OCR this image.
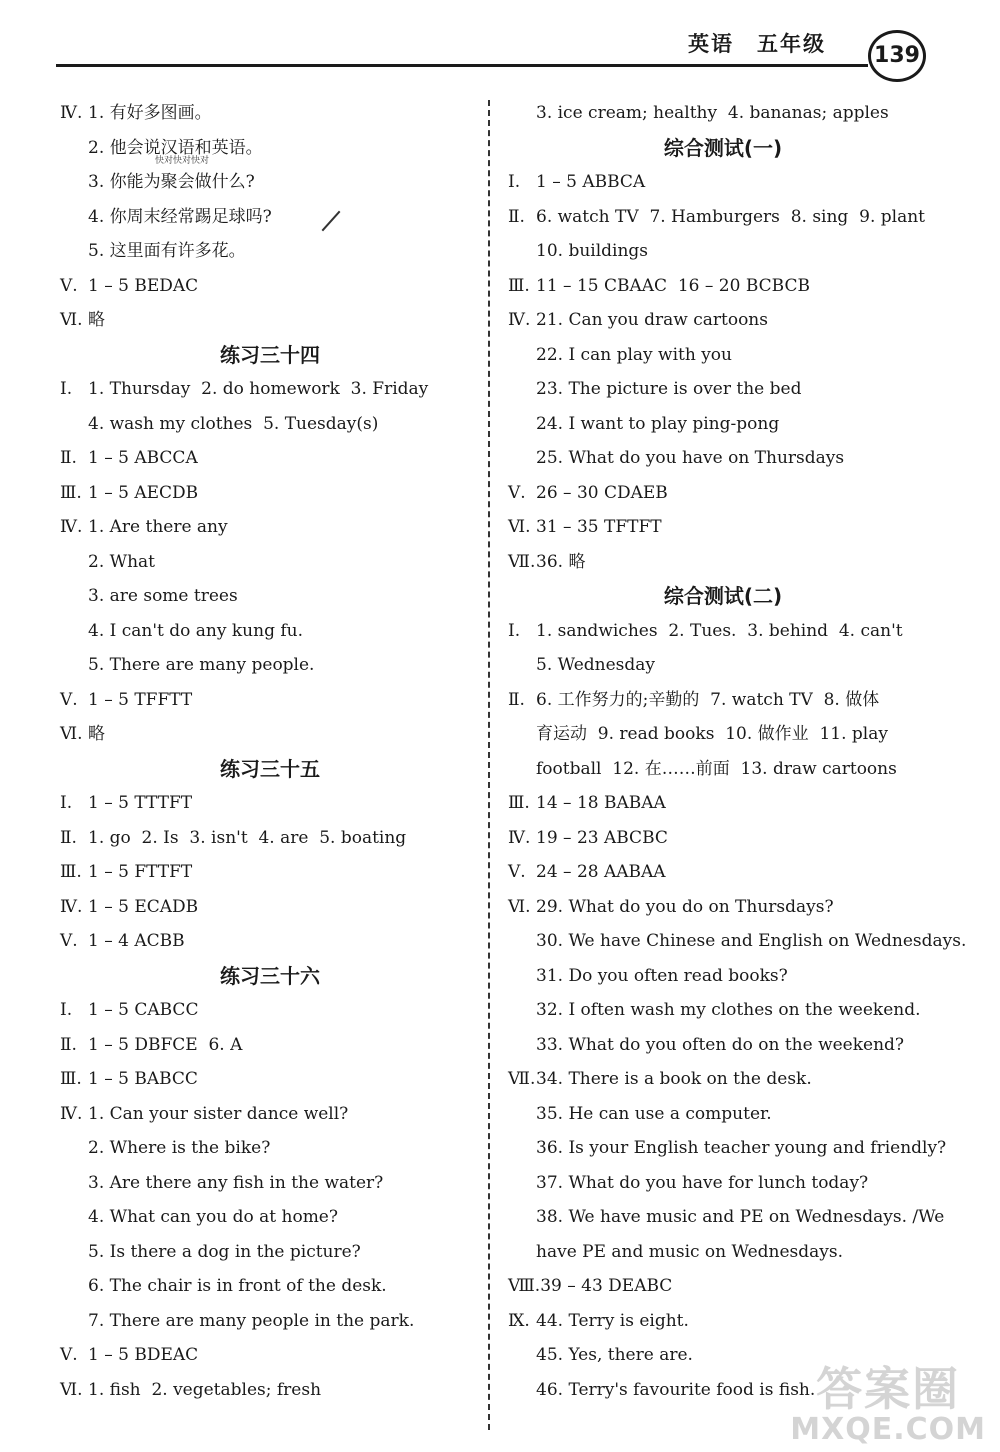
英语　五年级 139
Ⅳ. 1. 有好多图画。
2. 他会说汉语和英语。
3. 你能为聚会做什么?
4. 你周末经常踢足球吗?
5. 这里面有许多花。
Ⅴ. 1 – 5 BEDAC
Ⅵ. 略
练习三十四
Ⅰ. 1. Thursday  2. do homework  3. Friday
4. wash my clothes  5. Tuesday(s)
Ⅱ. 1 – 5 ABCCA
Ⅲ. 1 – 5 AECDB
Ⅳ. 1. Are there any
2. What
3. are some trees
4. I can't do any kung fu.
5. There are many people.
Ⅴ. 1 – 5 TFFTT
Ⅵ. 略
练习三十五
Ⅰ. 1 – 5 TTTFT
Ⅱ. 1. go  2. Is  3. isn't  4. are  5. boating
Ⅲ. 1 – 5 FTTFT
Ⅳ. 1 – 5 ECADB
Ⅴ. 1 – 4 ACBB
练习三十六
Ⅰ. 1 – 5 CABCC
Ⅱ. 1 – 5 DBFCE  6. A
Ⅲ. 1 – 5 BABCC
Ⅳ. 1. Can your sister dance well?
2. Where is the bike?
3. Are there any fish in the water?
4. What can you do at home?
5. Is there a dog in the picture?
6. The chair is in front of the desk.
7. There are many people in the park.
Ⅴ. 1 – 5 BDEAC
Ⅵ. 1. fish  2. vegetables; fresh
3. ice cream; healthy  4. bananas; apples
综合测试(一)
Ⅰ. 1 – 5 ABBCA
Ⅱ. 6. watch TV  7. Hamburgers  8. sing  9. plant
10. buildings
Ⅲ. 11 – 15 CBAAC  16 – 20 BCBCB
Ⅳ. 21. Can you draw cartoons
22. I can play with you
23. The picture is over the bed
24. I want to play ping-pong
25. What do you have on Thursdays
Ⅴ. 26 – 30 CDAEB
Ⅵ. 31 – 35 TFTFT
Ⅶ.36. 略
综合测试(二)
Ⅰ. 1. sandwiches  2. Tues.  3. behind  4. can't
5. Wednesday
Ⅱ. 6. 工作努力的;辛勤的  7. watch TV  8. 做体
育运动  9. read books  10. 做作业  11. play
football  12. 在……前面  13. draw cartoons
Ⅲ. 14 – 18 BABAA
Ⅳ. 19 – 23 ABCBC
Ⅴ. 24 – 28 AABAA
Ⅵ. 29. What do you do on Thursdays?
30. We have Chinese and English on Wednesdays.
31. Do you often read books?
32. I often wash my clothes on the weekend.
33. What do you often do on the weekend?
Ⅶ.34. There is a book on the desk.
35. He can use a computer.
36. Is your English teacher young and friendly?
37. What do you have for lunch today?
38. We have music and PE on Wednesdays. /We
have PE and music on Wednesdays.
Ⅷ.39 – 43 DEABC
Ⅸ. 44. Terry is eight.
45. Yes, there are.
46. Terry's favourite food is fish.
快对快对快对
答案圈
MXQE.COM
